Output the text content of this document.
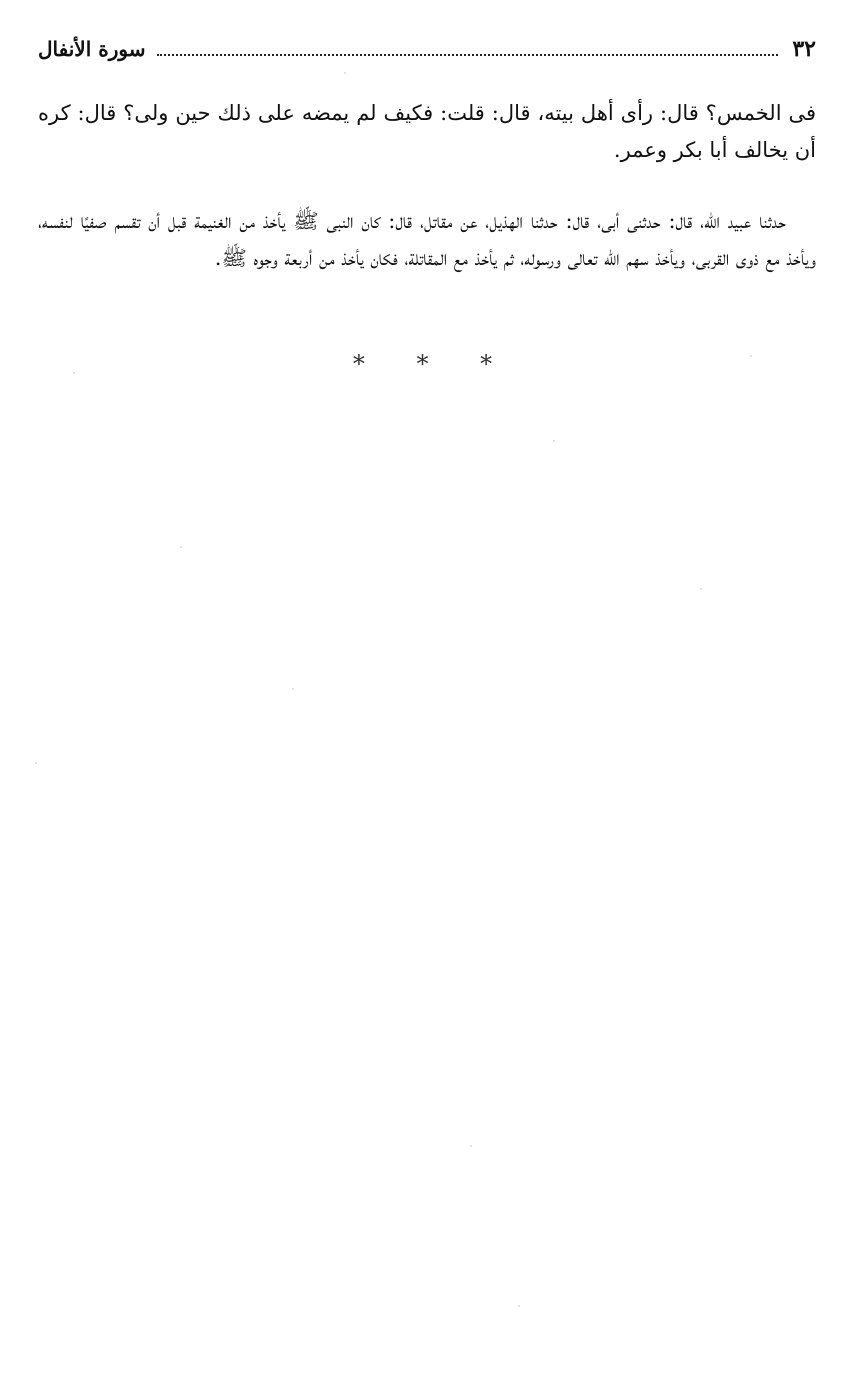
٣٢
سورة الأنفال

فى الخمس؟ قال: رأى أهل بيته، قال: قلت: فكيف لم يمضه على ذلك حين ولى؟ قال: كره أن يخالف أبا بكر وعمر.

حدثنا عبيد الله، قال: حدثنى أبى، قال: حدثنا الهذيل، عن مقاتل، قال: كان النبى ﷺ يأخذ من الغنيمة قبل أن تقسم صفيًا لنفسه، ويأخذ مع ذوى القربى، ويأخذ سهم الله تعالى ورسوله، ثم يأخذ مع المقاتلة، فكان يأخذ من أربعة وجوه ﷺ.

* * *
